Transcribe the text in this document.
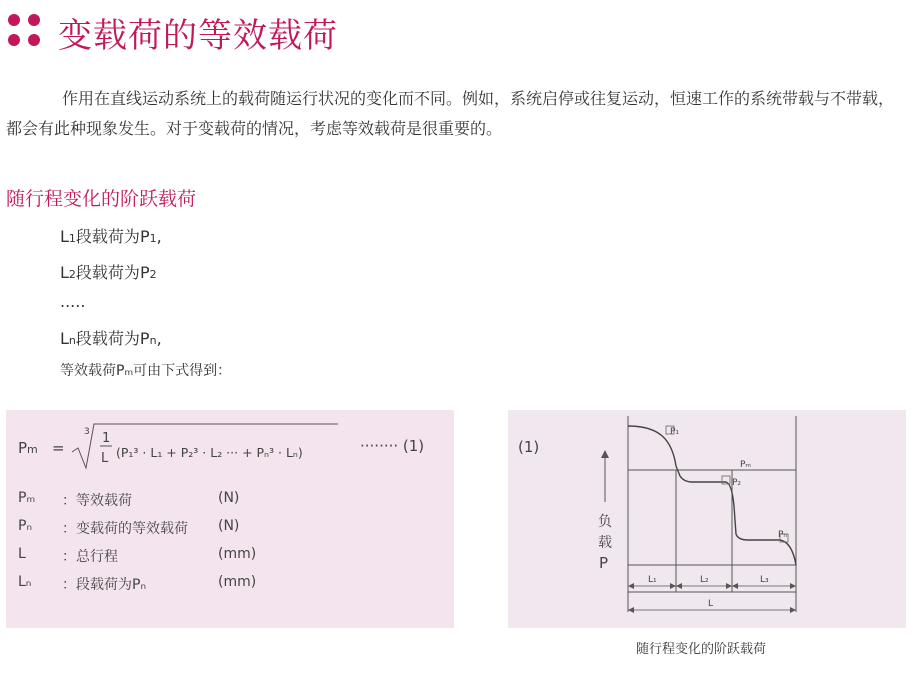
变载荷的等效载荷
作用在直线运动系统上的载荷随运行状况的变化而不同。例如，系统启停或往复运动，恒速工作的系统带载与不带载，都会有此种现象发生。对于变载荷的情况，考虑等效载荷是很重要的。
随行程变化的阶跃载荷
L1段载荷为P1,
L2段载荷为P2
.....
Ln段载荷为Pn,
等效载荷Pₘ可由下式得到：
Pm =
3 1
L (P₁³ · L₁ + P₂³ · L₂ ··· + Pₙ³ · Lₙ)	········ (1)
Pₘ ：等效载荷	(N)
Pₙ ：变载荷的等效载荷 (N)
L	：总行程	(mm)
Lₙ ：段载荷为Pₙ	(mm)
(1)
P₁
P₂
Pₘ
Pₙ
负
载
P
L₁	L₂	L₃
L
随行程变化的阶跃载荷
